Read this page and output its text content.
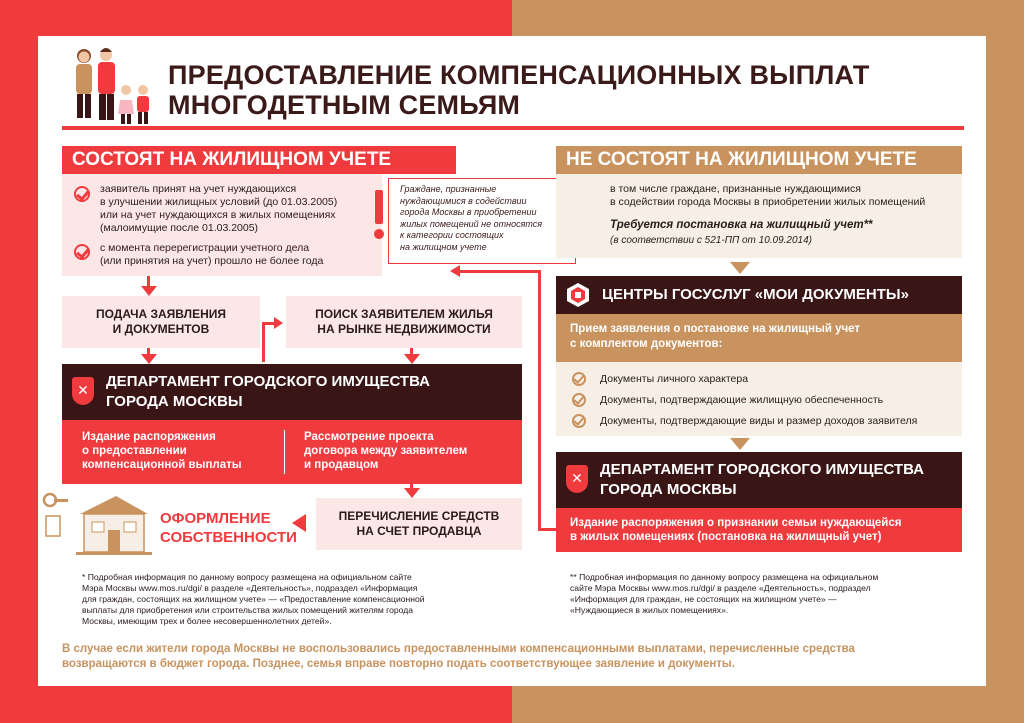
ПРЕДОСТАВЛЕНИЕ КОМПЕНСАЦИОННЫХ ВЫПЛАТ
МНОГОДЕТНЫМ СЕМЬЯМ
СОСТОЯТ НА ЖИЛИЩНОМ УЧЕТЕ
заявитель принят на учет нуждающихся
в улучшении жилищных условий (до 01.03.2005)
или на учет нуждающихся в жилых помещениях
(малоимущие после 01.03.2005)
с момента перерегистрации учетного дела
(или принятия на учет) прошло не более года
Граждане, признанные
нуждающимися в содействии
города Москвы в приобретении
жилых помещений не относятся
к категории состоящих
на жилищном учете
ПОДАЧА ЗАЯВЛЕНИЯ
И ДОКУМЕНТОВ
ПОИСК ЗАЯВИТЕЛЕМ ЖИЛЬЯ
НА РЫНКЕ НЕДВИЖИМОСТИ
✕	ДЕПАРТАМЕНТ ГОРОДСКОГО ИМУЩЕСТВА
ГОРОДА МОСКВЫ
Издание распоряжения
о предоставлении
компенсационной выплаты
Рассмотрение проекта
договора между заявителем
и продавцом
ПЕРЕЧИСЛЕНИЕ СРЕДСТВ
НА СЧЕТ ПРОДАВЦА
ОФОРМЛЕНИЕ
СОБСТВЕННОСТИ
* Подробная информация по данному вопросу размещена на официальном сайте
Мэра Москвы www.mos.ru/dgi/ в разделе «Деятельность», подраздел «Информация
для граждан, состоящих на жилищном учете» — «Предоставление компенсационной
выплаты для приобретения или строительства жилых помещений жителям города
Москвы, имеющим трех и более несовершеннолетних детей».
НЕ СОСТОЯТ НА ЖИЛИЩНОМ УЧЕТЕ
в том числе граждане, признанные нуждающимися
в содействии города Москвы в приобретении жилых помещений
Требуется постановка на жилищный учет**
(в соответствии с 521-ПП от 10.09.2014)
ЦЕНТРЫ ГОСУСЛУГ «МОИ ДОКУМЕНТЫ»
Прием заявления о постановке на жилищный учет
с комплектом документов:
Документы личного характера
Документы, подтверждающие жилищную обеспеченность
Документы, подтверждающие виды и размер доходов заявителя
✕	ДЕПАРТАМЕНТ ГОРОДСКОГО ИМУЩЕСТВА
ГОРОДА МОСКВЫ
Издание распоряжения о признании семьи нуждающейся
в жилых помещениях (постановка на жилищный учет)
** Подробная информация по данному вопросу размещена на официальном
сайте Мэра Москвы www.mos.ru/dgi/ в разделе «Деятельность», подраздел
«Информация для граждан, не состоящих на жилищном учете» —
«Нуждающиеся в жилых помещениях».
В случае если жители города Москвы не воспользовались предоставленными компенсационными выплатами, перечисленные средства
возвращаются в бюджет города. Позднее, семья вправе повторно подать соответствующее заявление и документы.
